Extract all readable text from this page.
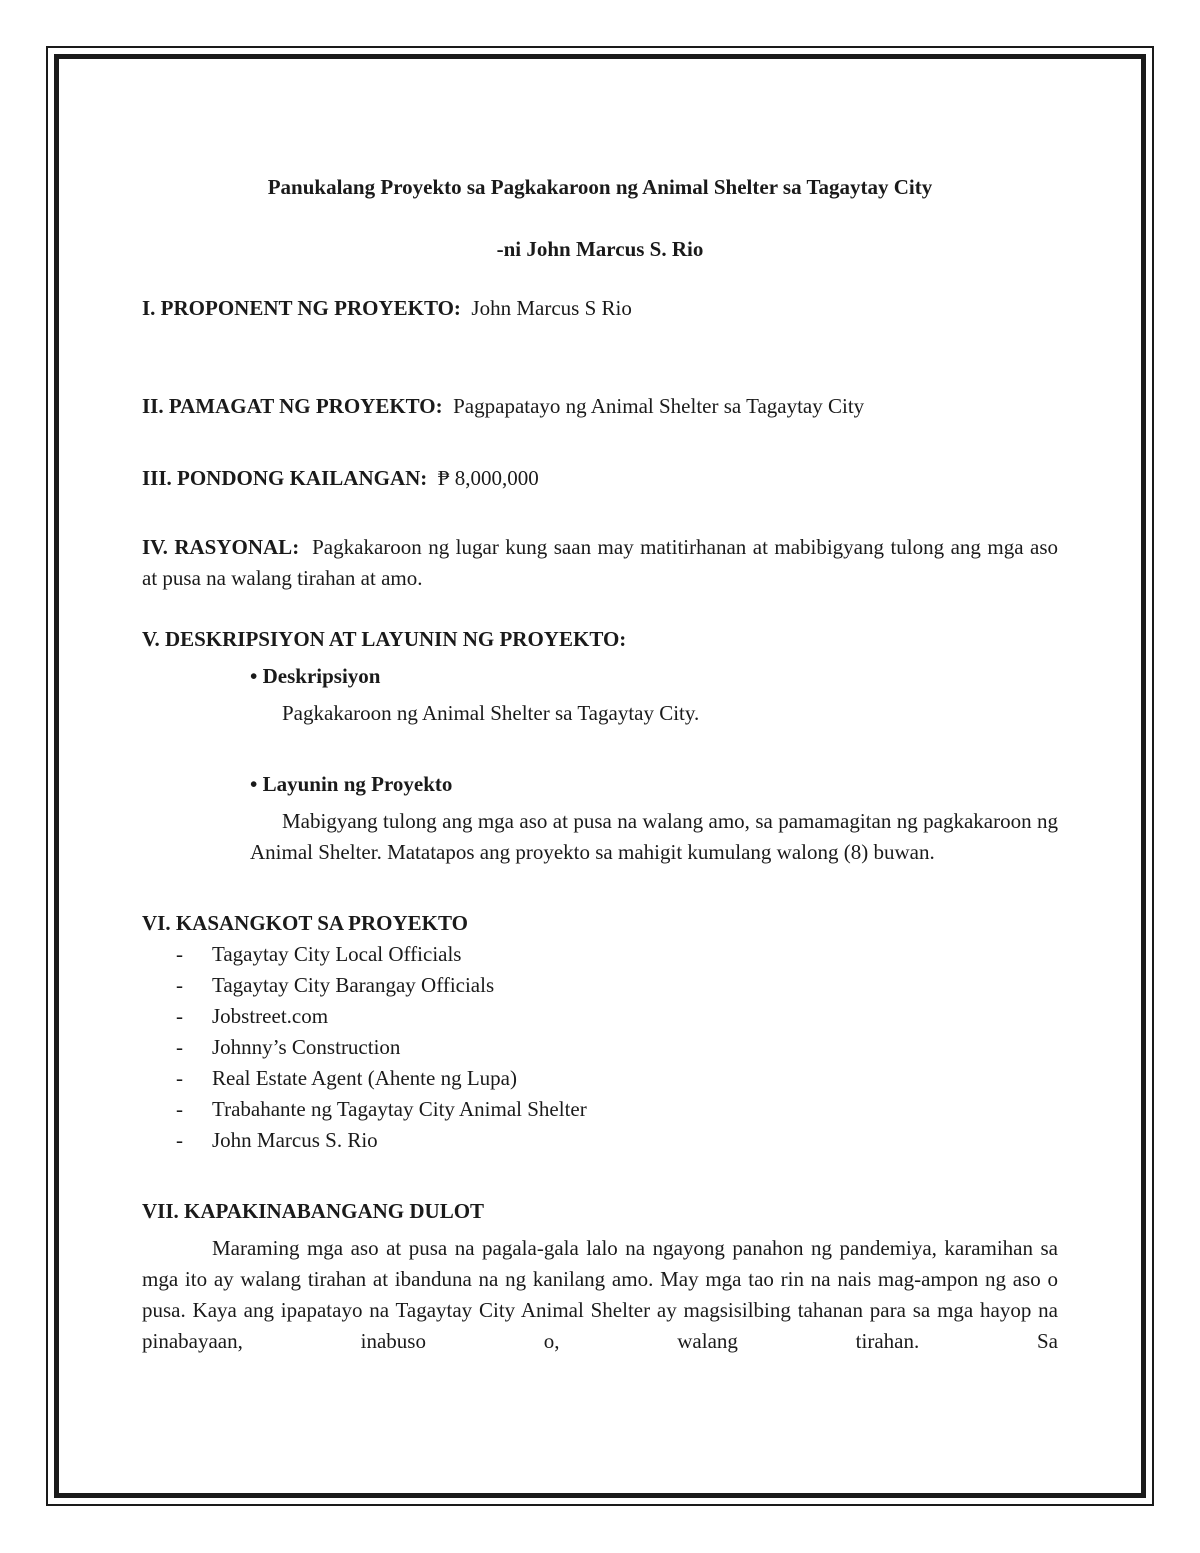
Panukalang Proyekto sa Pagkakaroon ng Animal Shelter sa Tagaytay City

-ni John Marcus S. Rio

I. PROPONENT NG PROYEKTO: John Marcus S Rio

II. PAMAGAT NG PROYEKTO: Pagpapatayo ng Animal Shelter sa Tagaytay City

III. PONDONG KAILANGAN: ₱ 8,000,000

IV. RASYONAL: Pagkakaroon ng lugar kung saan may matitirhanan at mabibigyang tulong ang mga aso at pusa na walang tirahan at amo.

V. DESKRIPSIYON AT LAYUNIN NG PROYEKTO:

• Deskripsiyon

Pagkakaroon ng Animal Shelter sa Tagaytay City.

• Layunin ng Proyekto

Mabigyang tulong ang mga aso at pusa na walang amo, sa pamamagitan ng pagkakaroon ng Animal Shelter. Matatapos ang proyekto sa mahigit kumulang walong (8) buwan.

VI. KASANGKOT SA PROYEKTO

- Tagaytay City Local Officials
- Tagaytay City Barangay Officials
- Jobstreet.com
- Johnny’s Construction
- Real Estate Agent (Ahente ng Lupa)
- Trabahante ng Tagaytay City Animal Shelter
- John Marcus S. Rio

VII. KAPAKINABANGANG DULOT

Maraming mga aso at pusa na pagala-gala lalo na ngayong panahon ng pandemiya, karamihan sa mga ito ay walang tirahan at ibanduna na ng kanilang amo. May mga tao rin na nais mag-ampon ng aso o pusa. Kaya ang ipapatayo na Tagaytay City Animal Shelter ay magsisilbing tahanan para sa mga hayop na pinabayaan, inabuso o, walang tirahan. Sa
